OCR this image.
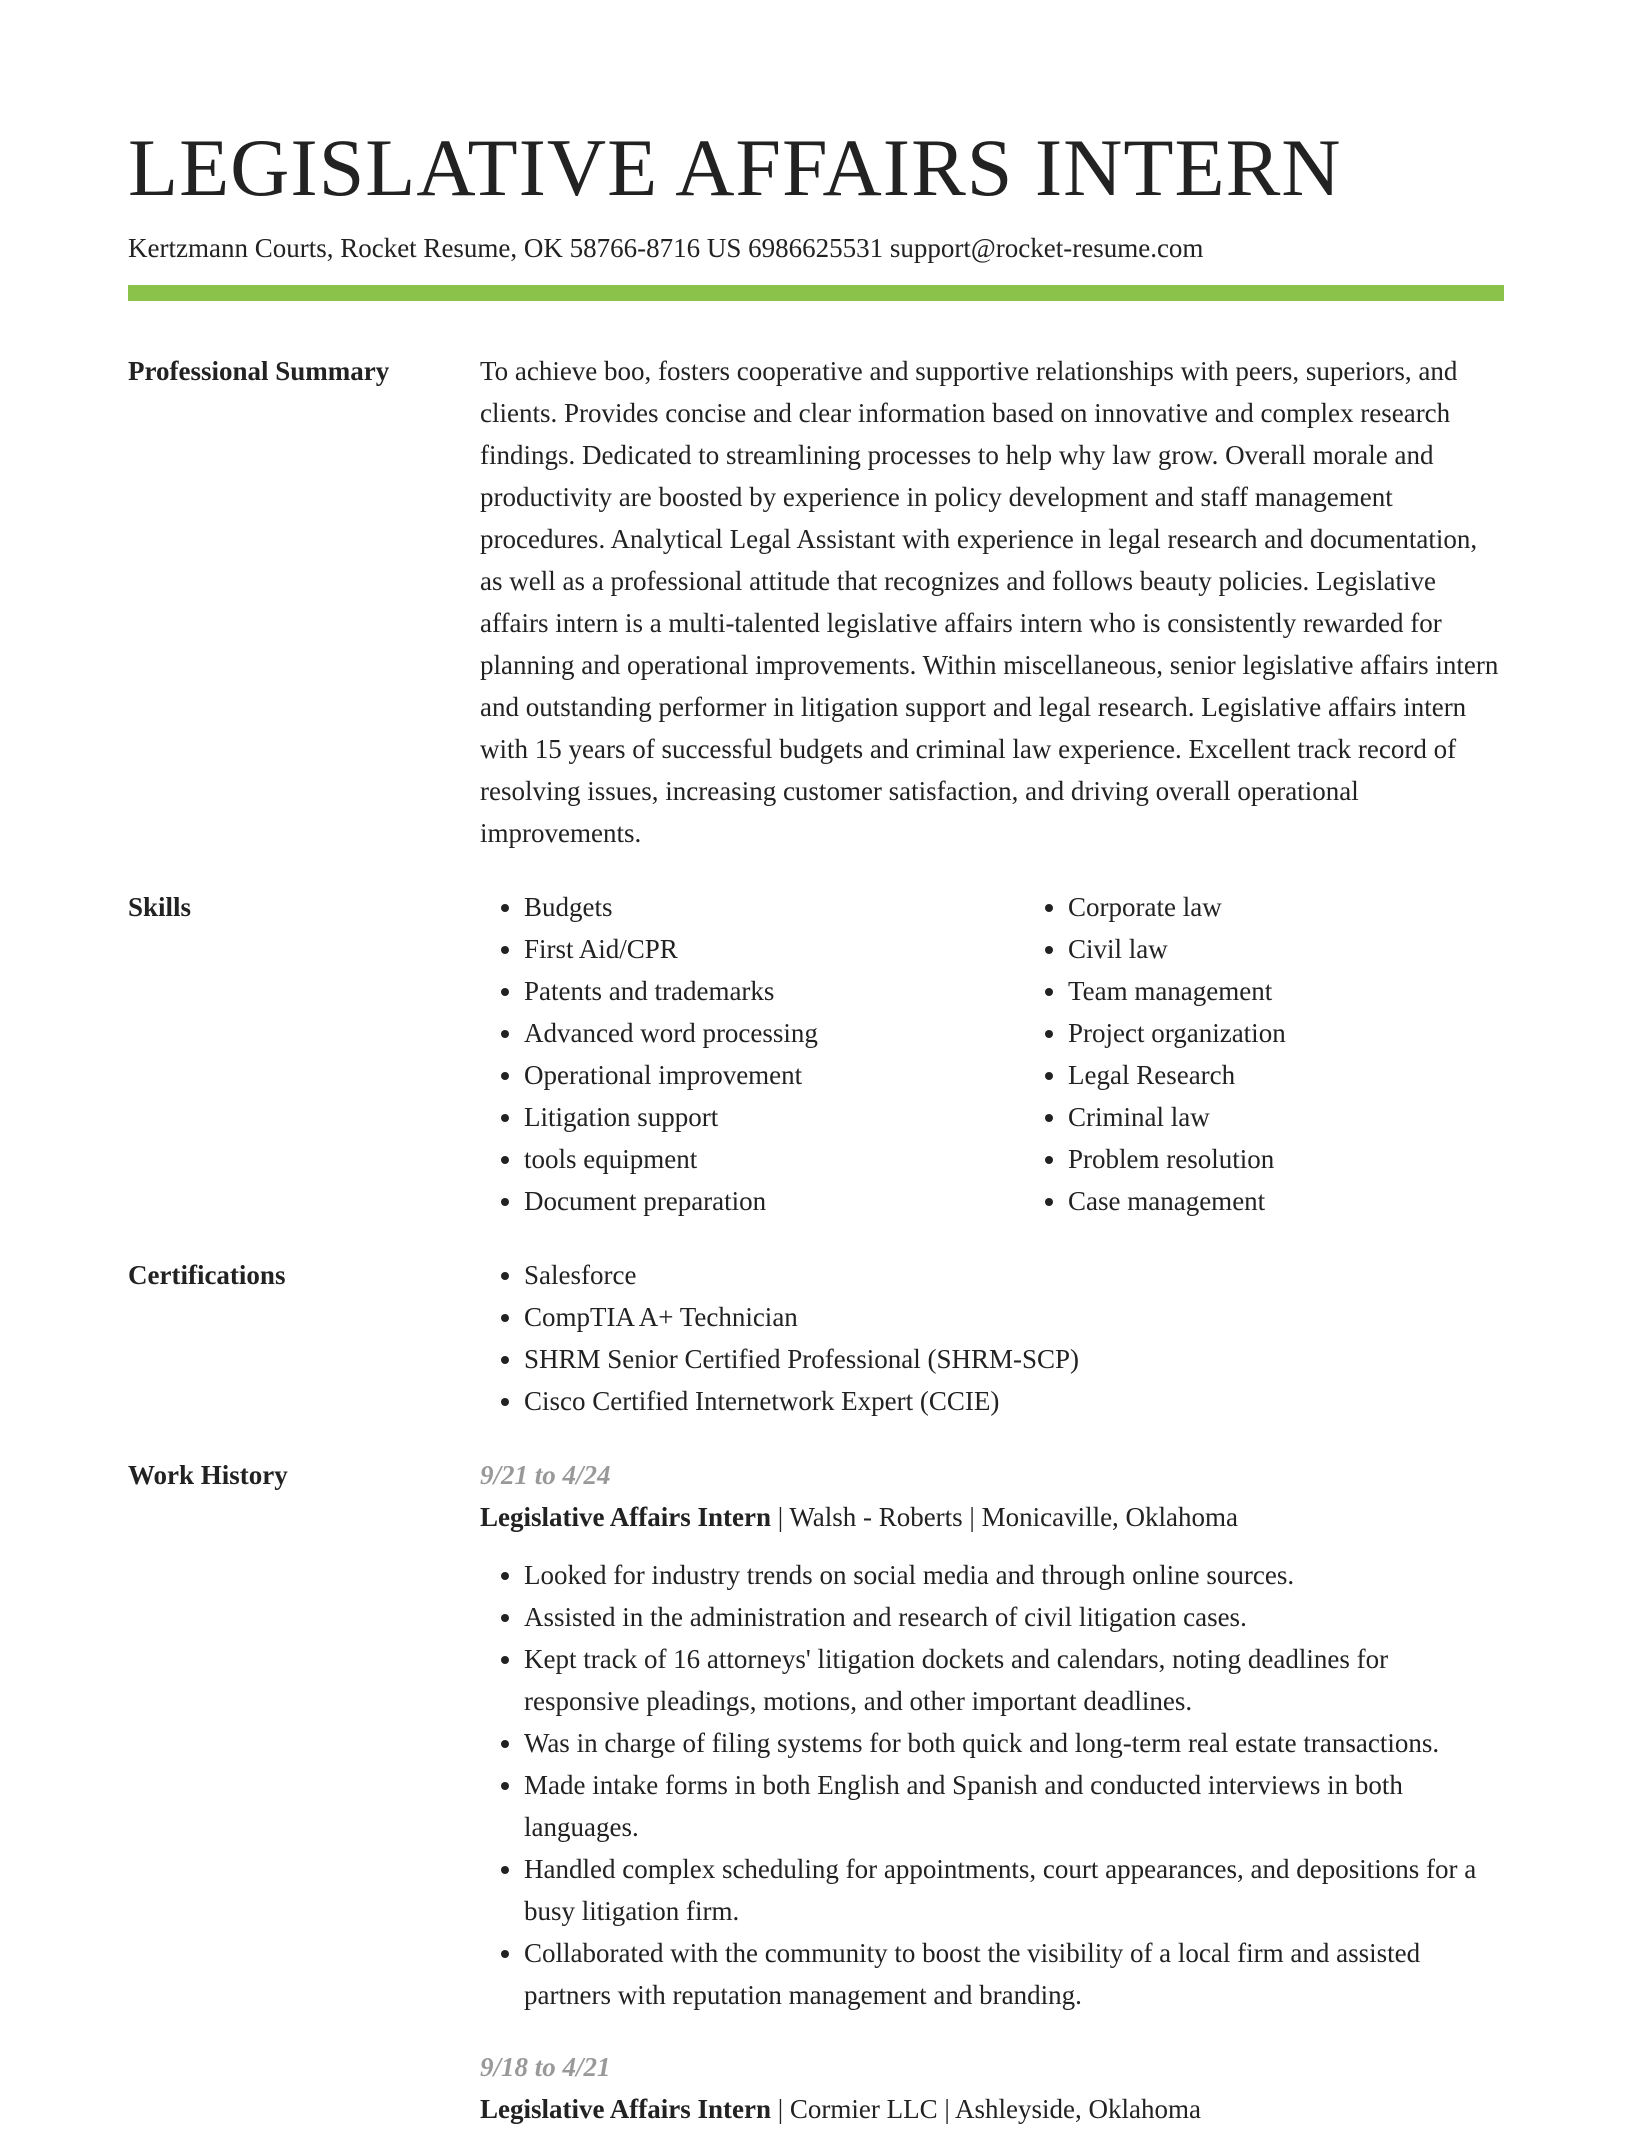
LEGISLATIVE AFFAIRS INTERN
Kertzmann Courts, Rocket Resume, OK 58766-8716 US 6986625531 support@rocket-resume.com
Professional Summary	To achieve boo, fosters cooperative and supportive relationships with peers, superiors, and clients. Provides concise and clear information based on innovative and complex research findings. Dedicated to streamlining processes to help why law grow. Overall morale and productivity are boosted by experience in policy development and staff management procedures. Analytical Legal Assistant with experience in legal research and documentation, as well as a professional attitude that recognizes and follows beauty policies. Legislative affairs intern is a multi-talented legislative affairs intern who is consistently rewarded for planning and operational improvements. Within miscellaneous, senior legislative affairs intern and outstanding performer in litigation support and legal research. Legislative affairs intern with 15 years of successful budgets and criminal law experience. Excellent track record of resolving issues, increasing customer satisfaction, and driving overall operational improvements.

Skills	• Budgets
• First Aid/CPR
• Patents and trademarks
• Advanced word processing
• Operational improvement
• Litigation support
• tools equipment
• Document preparation
• Corporate law
• Civil law
• Team management
• Project organization
• Legal Research
• Criminal law
• Problem resolution
• Case management
Certifications	• Salesforce
• CompTIA A+ Technician
• SHRM Senior Certified Professional (SHRM-SCP)
• Cisco Certified Internetwork Expert (CCIE)
Work History	9/21 to 4/24
Legislative Affairs Intern | Walsh - Roberts | Monicaville, Oklahoma
• Looked for industry trends on social media and through online sources.
• Assisted in the administration and research of civil litigation cases.
• Kept track of 16 attorneys' litigation dockets and calendars, noting deadlines for responsive pleadings, motions, and other important deadlines.
• Was in charge of filing systems for both quick and long-term real estate transactions.
• Made intake forms in both English and Spanish and conducted interviews in both languages.
• Handled complex scheduling for appointments, court appearances, and depositions for a busy litigation firm.
• Collaborated with the community to boost the visibility of a local firm and assisted partners with reputation management and branding.
9/18 to 4/21
Legislative Affairs Intern | Cormier LLC | Ashleyside, Oklahoma
